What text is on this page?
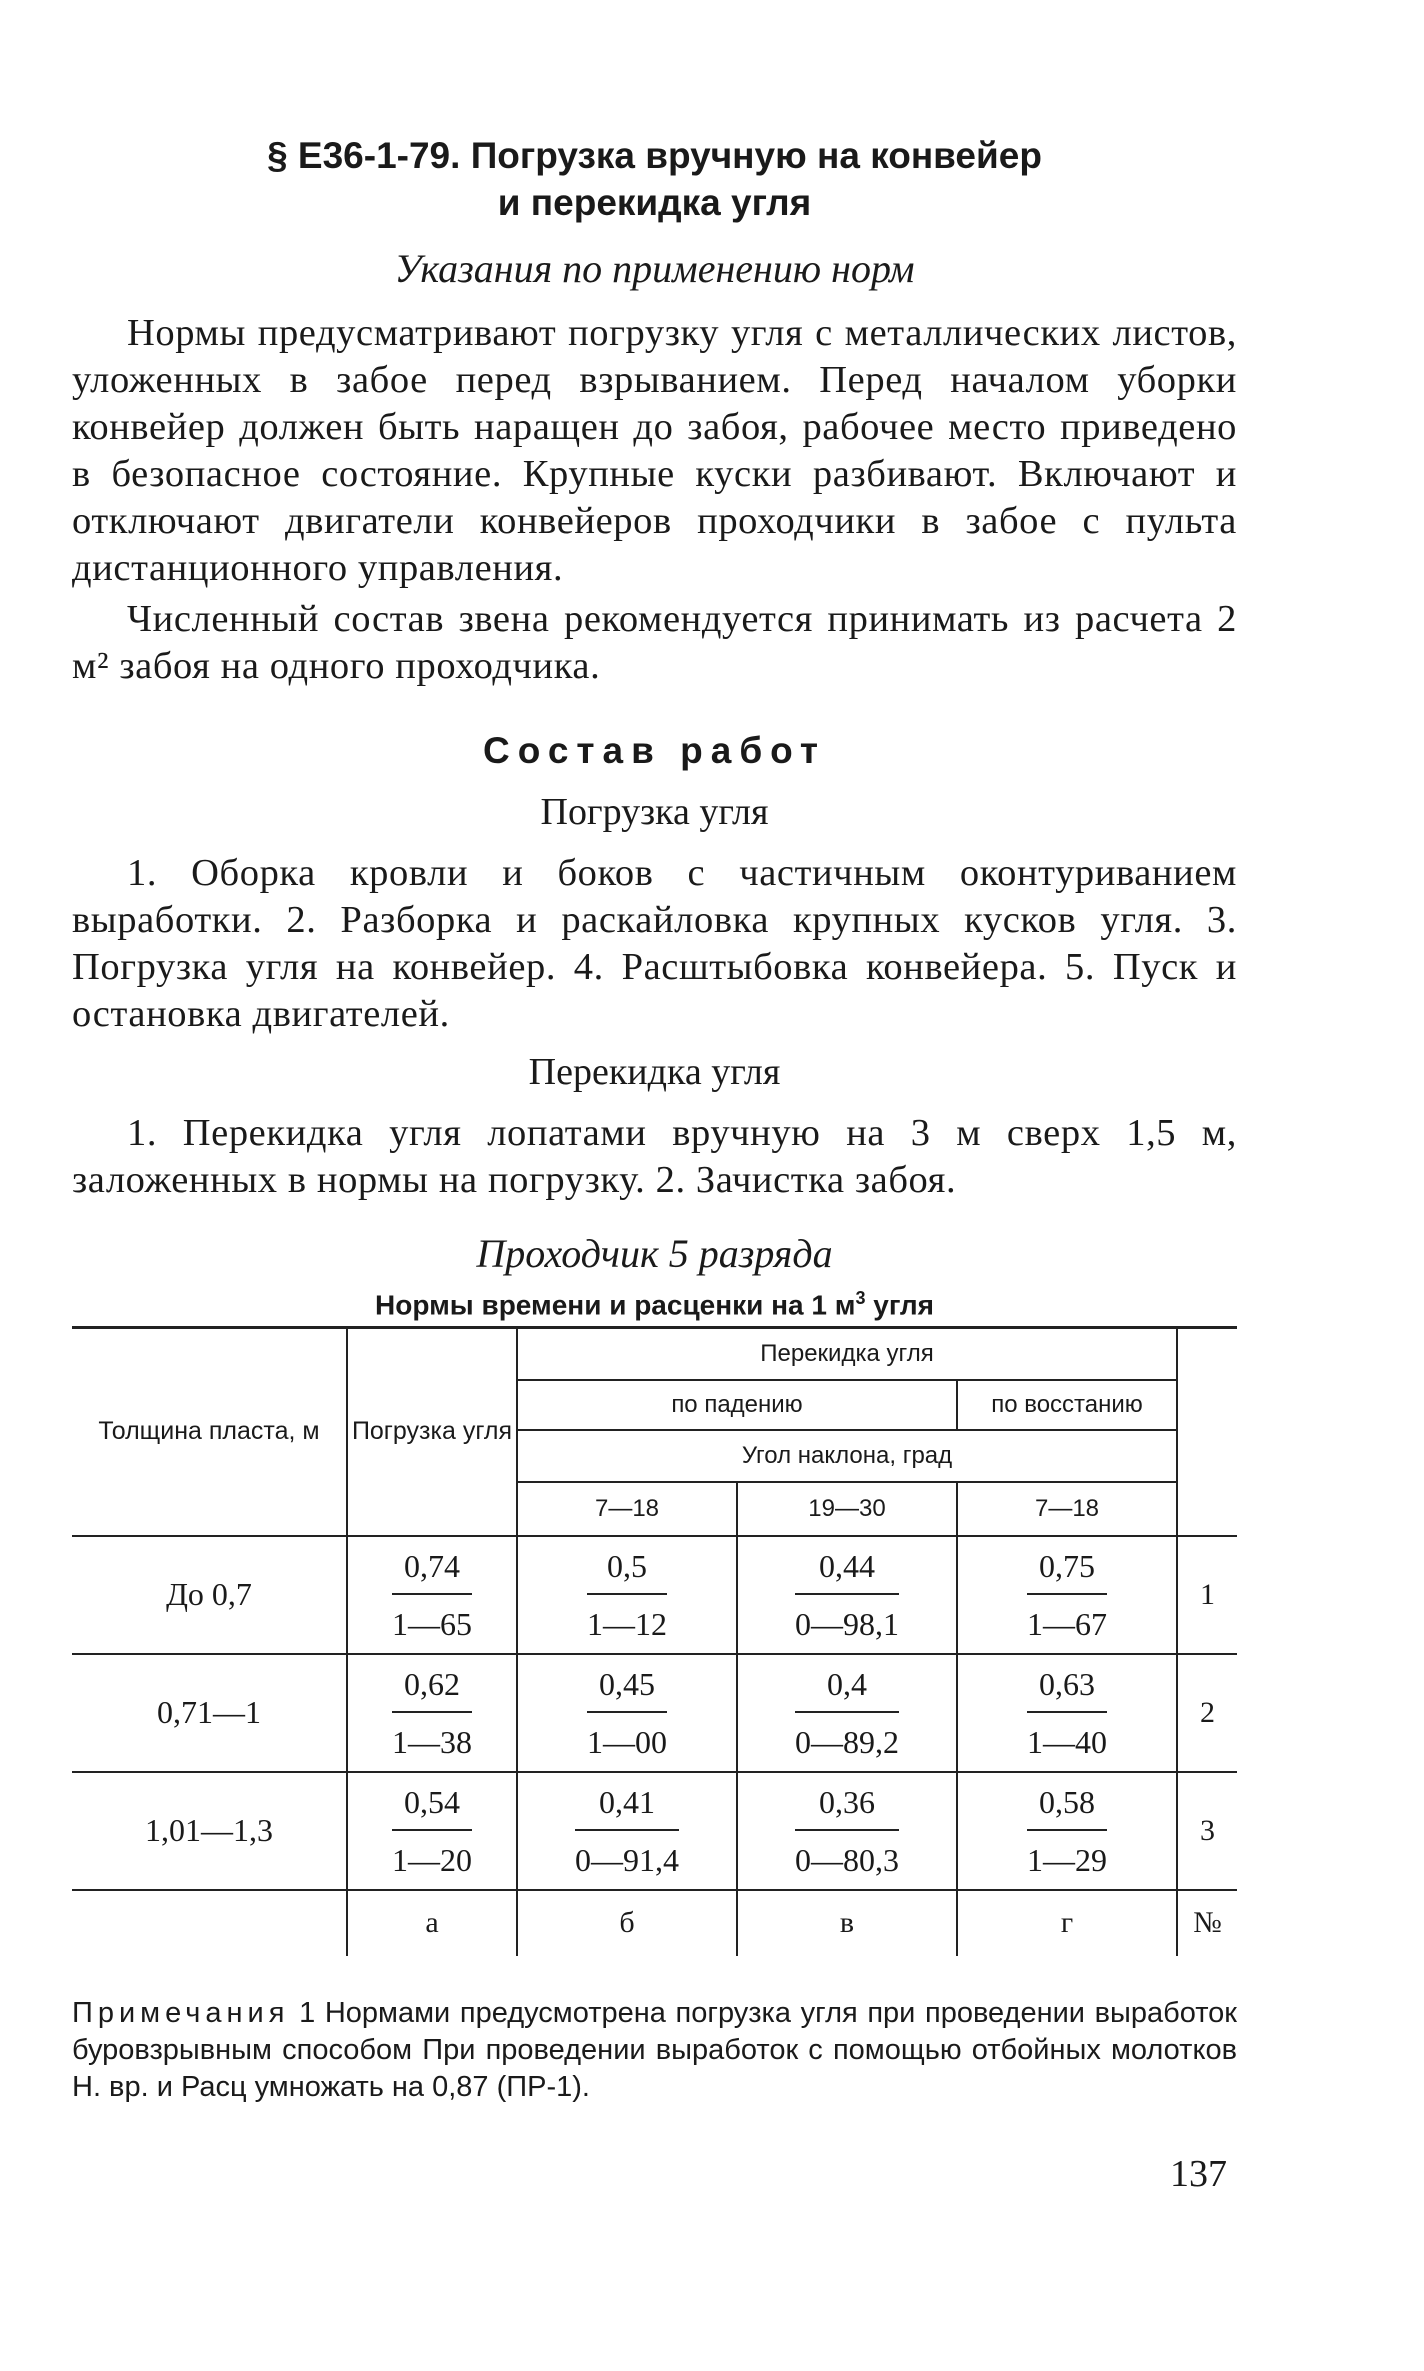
§ Е36-1-79. Погрузка вручную на конвейер
и перекидка угля
Указания по применению норм

Нормы предусматривают погрузку угля с металлических листов, уложенных в забое перед взрыванием. Перед началом уборки конвейер должен быть наращен до забоя, рабочее место приведено в безопасное состояние. Крупные куски разбивают. Включают и отключают двигатели конвейеров проходчики в забое с пульта дистанционного управления.

Численный состав звена рекомендуется принимать из расчета 2 м² забоя на одного проходчика.

Состав работ
Погрузка угля

1. Оборка кровли и боков с частичным оконтуриванием выработки. 2. Разборка и раскайловка крупных кусков угля. 3. Погрузка угля на конвейер. 4. Расштыбовка конвейера. 5. Пуск и остановка двигателей.

Перекидка угля

1. Перекидка угля лопатами вручную на 3 м сверх 1,5 м, заложенных в нормы на погрузку. 2. Зачистка забоя.

Проходчик 5 разряда
Нормы времени и расценки на 1 $м^3$ угля
Толщина пласта, м	Погрузка угля	Перекидка угля			
		по падению		по восстанию	
		Угол наклона, град			
		7—18	19—30	7—18	
До 0,7	$\frac{0,74}{1—65}$	$\frac{0,5}{1—12}$	$\frac{0,44}{0—98,1}$	$\frac{0,75}{1—67}$	1
0,71—1	$\frac{0,62}{1—38}$	$\frac{0,45}{1—00}$	$\frac{0,4}{0—89,2}$	$\frac{0,63}{1—40}$	2
1,01—1,3	$\frac{0,54}{1—20}$	$\frac{0,41}{0—91,4}$	$\frac{0,36}{0—80,3}$	$\frac{0,58}{1—29}$	3
	а	б	в	г	№
Примечания 1 Нормами предусмотрена погрузка угля при проведении выработок буровзрывным способом При проведении выработок с помощью отбойных молотков Н. вр. и Расц умножать на 0,87 (ПР-1).
137
